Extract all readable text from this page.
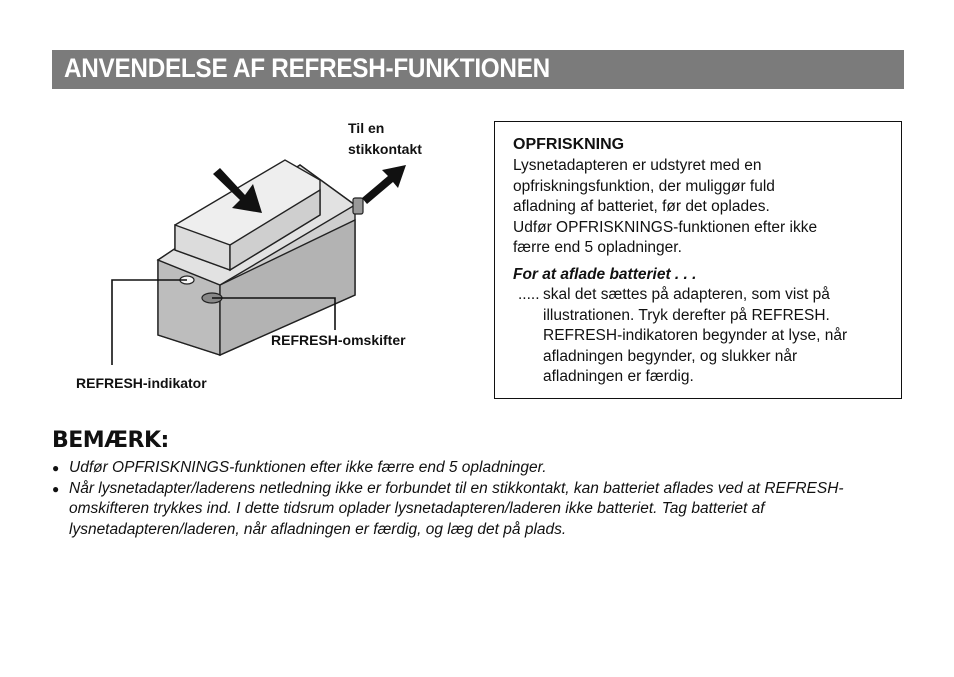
ANVENDELSE AF REFRESH-FUNKTIONEN
Til en
stikkontakt
REFRESH-omskifter
REFRESH-indikator

OPFRISKNING

Lysnetadapteren er udstyret med en

opfriskningsfunktion, der muliggør fuld

afladning af batteriet, før det oplades.

Udfør OPFRISKNINGS-funktionen efter ikke

færre end 5 opladninger.

For at aflade batteriet . . .

..... skal det sættes på adapteren, som vist på
illustrationen. Tryk derefter på REFRESH.
REFRESH-indikatoren begynder at lyse, når
afladningen begynder, og slukker når
afladningen er færdig.
BEMÆRK:
● Udfør OPFRISKNINGS-funktionen efter ikke færre end 5 opladninger.
● Når lysnetadapter/laderens netledning ikke er forbundet til en stikkontakt, kan batteriet aflades ved at REFRESH-omskifteren trykkes ind. I dette tidsrum oplader lysnetadapteren/laderen ikke batteriet. Tag batteriet af lysnetadapteren/laderen, når afladningen er færdig, og læg det på plads.
